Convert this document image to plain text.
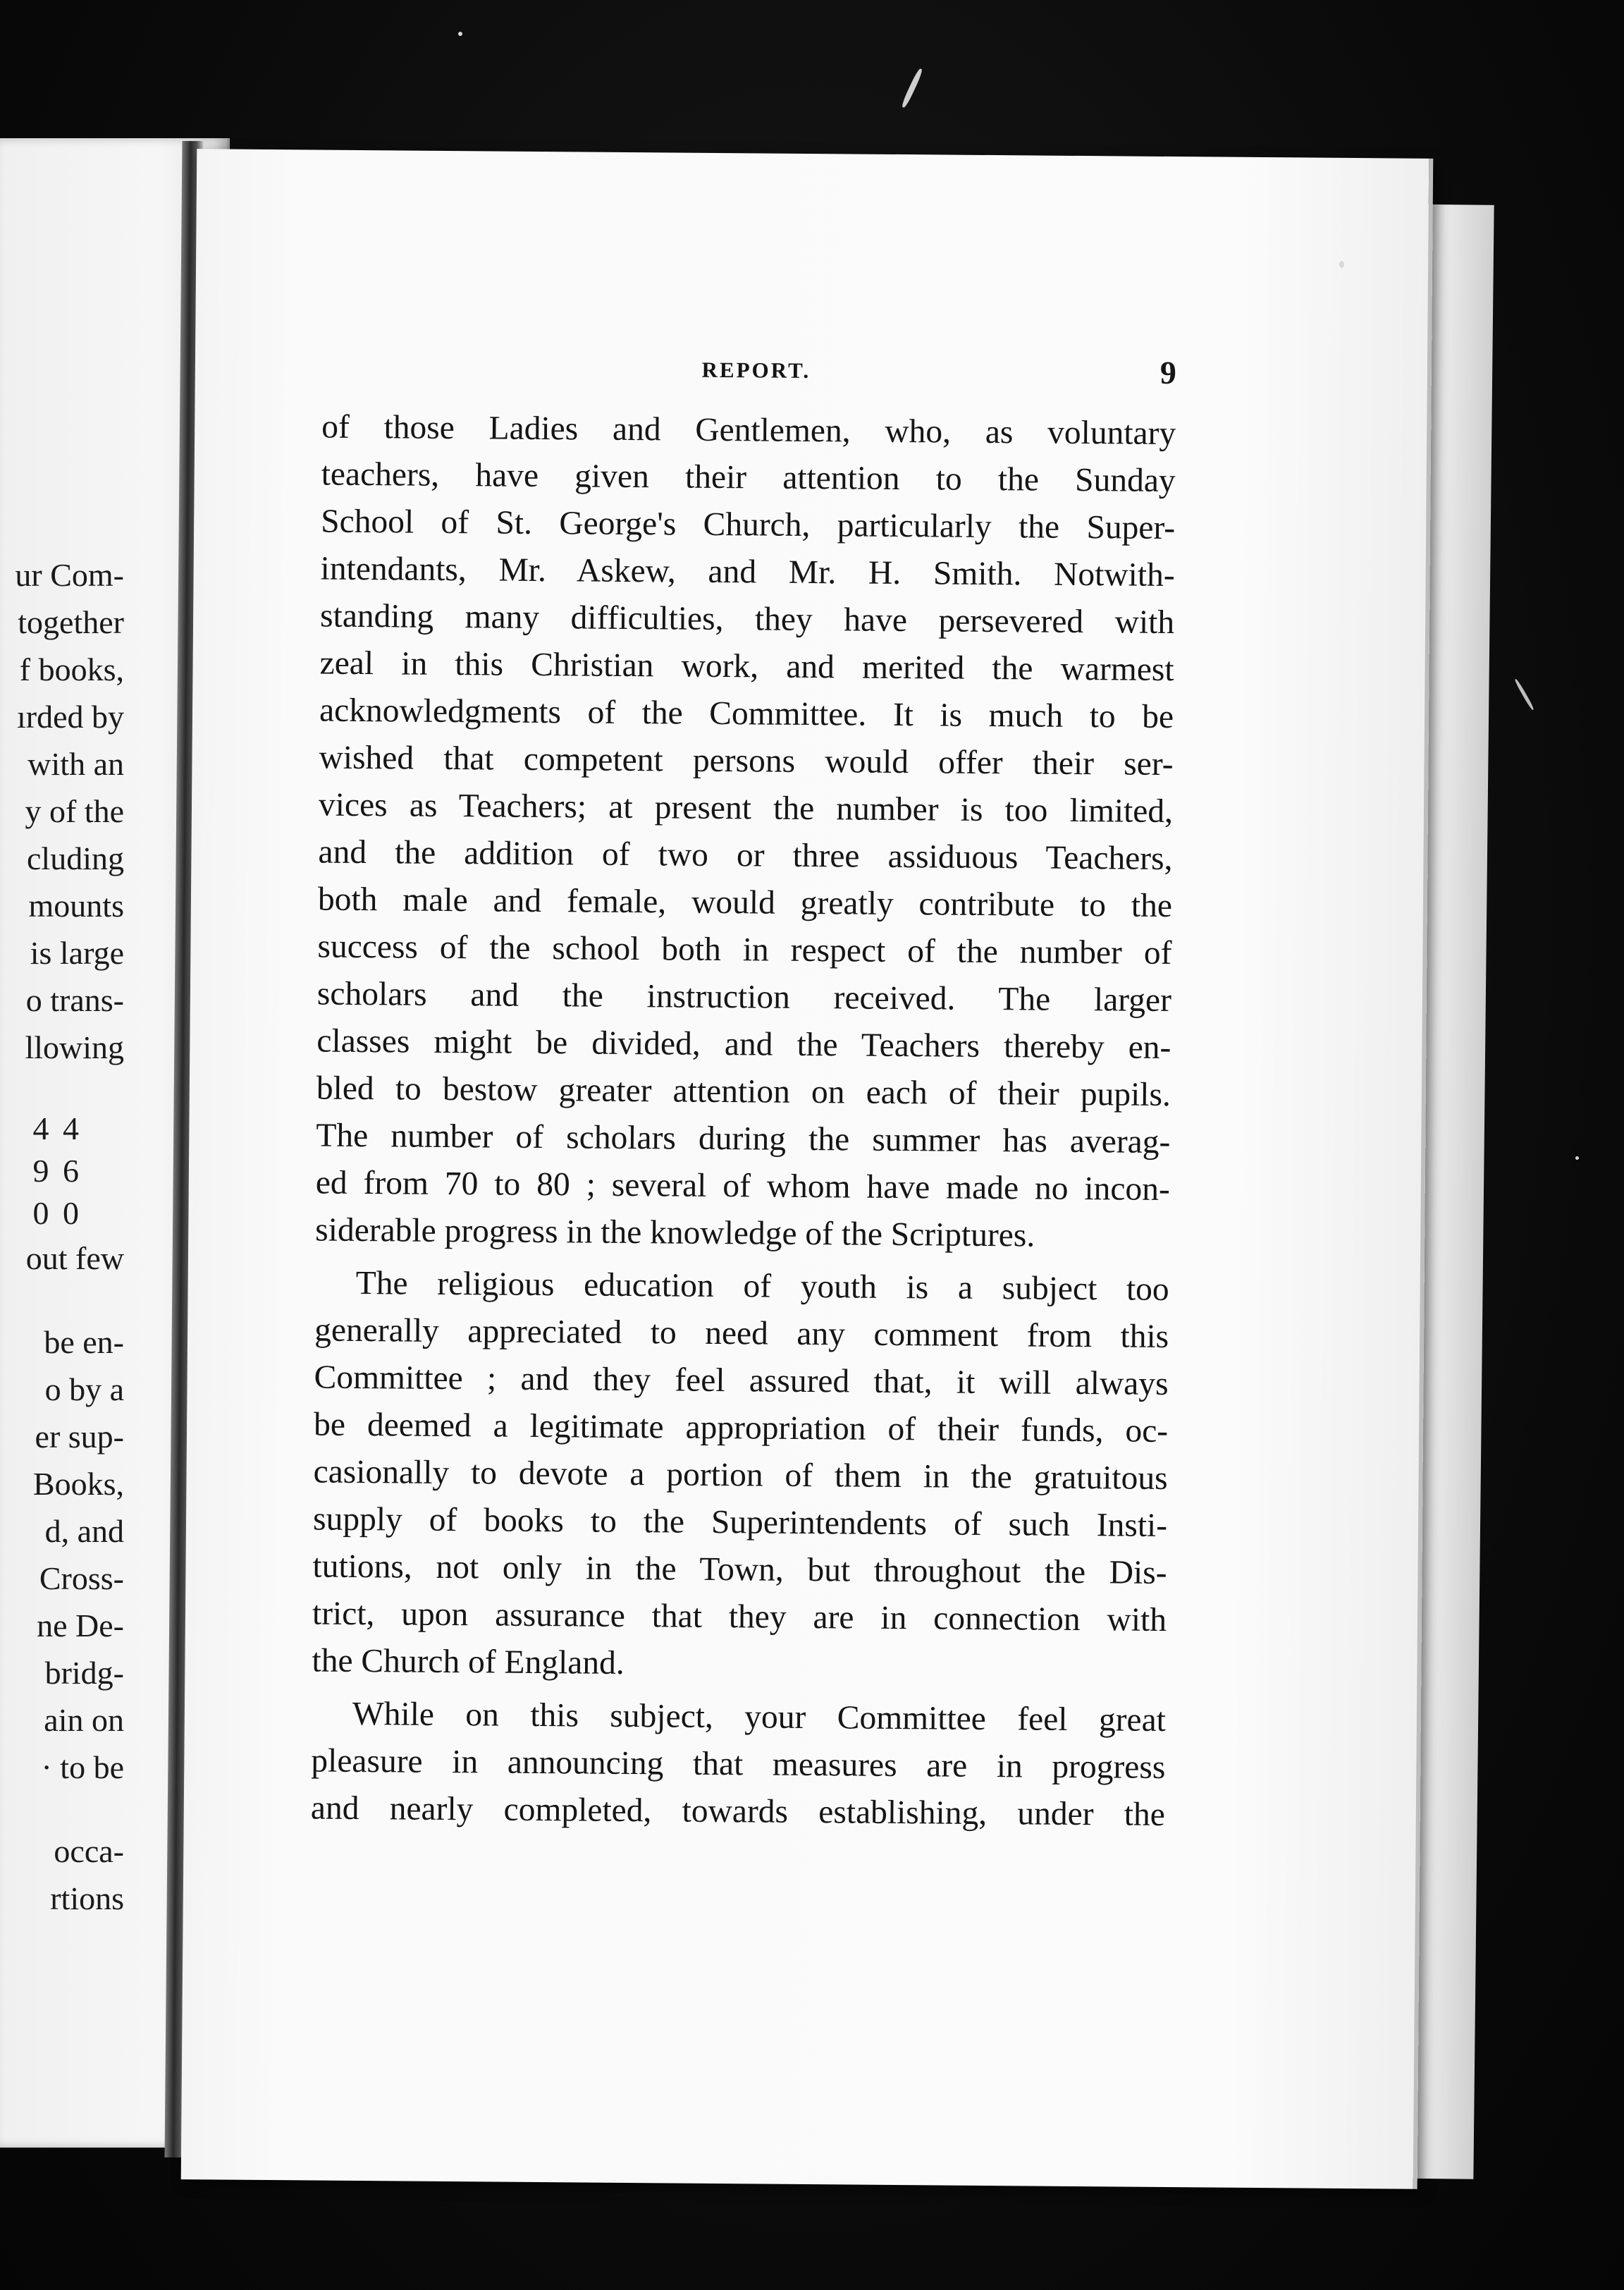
ur Com-
together
f books,
ırded by
with an
y of the
cluding
mounts
is large
o trans-
llowing
4 4
9 6
0 0
out few
be en-
o by a
er sup-
Books,
d, and
Cross-
ne De-
bridg-
ain on
· to be
occa-
rtions
REPORT.	9
of those Ladies and Gentlemen, who, as voluntary
teachers, have given their attention to the Sunday
School of St. George's Church, particularly the Super-
intendants, Mr. Askew, and Mr. H. Smith. Notwith-
standing many difficulties, they have persevered with
zeal in this Christian work, and merited the warmest
acknowledgments of the Committee. It is much to be
wished that competent persons would offer their ser-
vices as Teachers; at present the number is too limited,
and the addition of two or three assiduous Teachers,
both male and female, would greatly contribute to the
success of the school both in respect of the number of
scholars and the instruction received. The larger
classes might be divided, and the Teachers thereby en-
bled to bestow greater attention on each of their pupils.
The number of scholars during the summer has averag-
ed from 70 to 80 ; several of whom have made no incon-
siderable progress in the knowledge of the Scriptures.
The religious education of youth is a subject too
generally appreciated to need any comment from this
Committee ; and they feel assured that, it will always
be deemed a legitimate appropriation of their funds, oc-
casionally to devote a portion of them in the gratuitous
supply of books to the Superintendents of such Insti-
tutions, not only in the Town, but throughout the Dis-
trict, upon assurance that they are in connection with
the Church of England.
While on this subject, your Committee feel great
pleasure in announcing that measures are in progress
and nearly completed, towards establishing, under the
